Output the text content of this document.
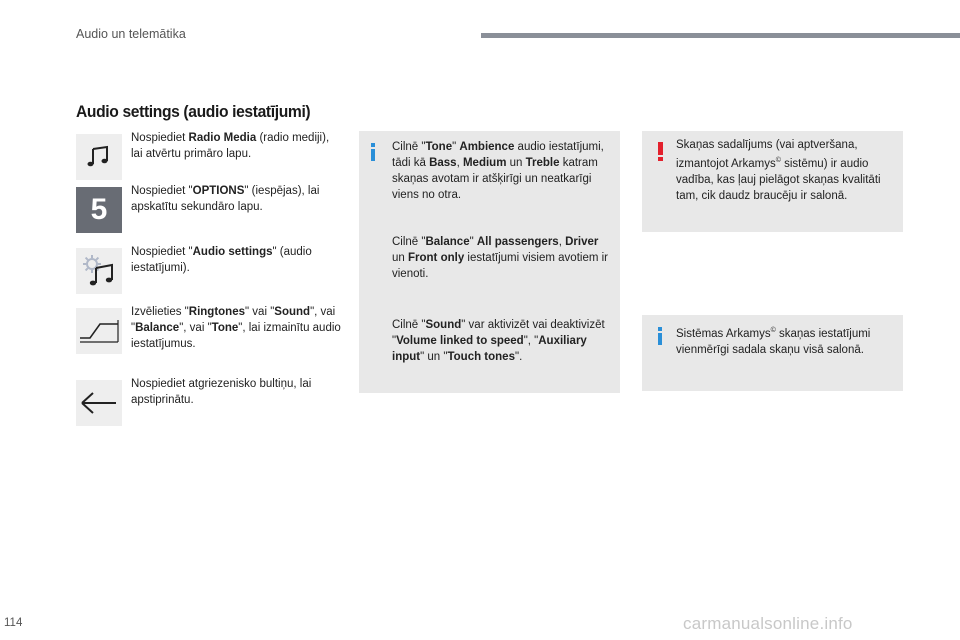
Audio un telemātika
Audio settings (audio iestatījumi)
Nospiediet Radio Media (radio mediji), lai atvērtu primāro lapu.
5
Nospiediet "OPTIONS" (iespējas), lai apskatītu sekundāro lapu.
Nospiediet "Audio settings" (audio iestatījumi).
Izvēlieties "Ringtones" vai "Sound", vai "Balance", vai "Tone", lai izmainītu audio iestatījumus.
Nospiediet atgriezenisko bultiņu, lai apstiprinātu.
Cilnē "Tone" Ambience audio iestatījumi, tādi kā Bass, Medium un Treble katram skaņas avotam ir atšķirīgi un neatkarīgi viens no otra.
Cilnē "Balance" All passengers, Driver un Front only iestatījumi visiem avotiem ir vienoti.
Cilnē "Sound" var aktivizēt vai deaktivizēt "Volume linked to speed", "Auxiliary input" un "Touch tones".
Skaņas sadalījums (vai aptveršana, izmantojot Arkamys© sistēmu) ir audio vadība, kas ļauj pielāgot skaņas kvalitāti tam, cik daudz braucēju ir salonā.
Sistēmas Arkamys© skaņas iestatījumi vienmērīgi sadala skaņu visā salonā.
114	carmanualsonline.info
